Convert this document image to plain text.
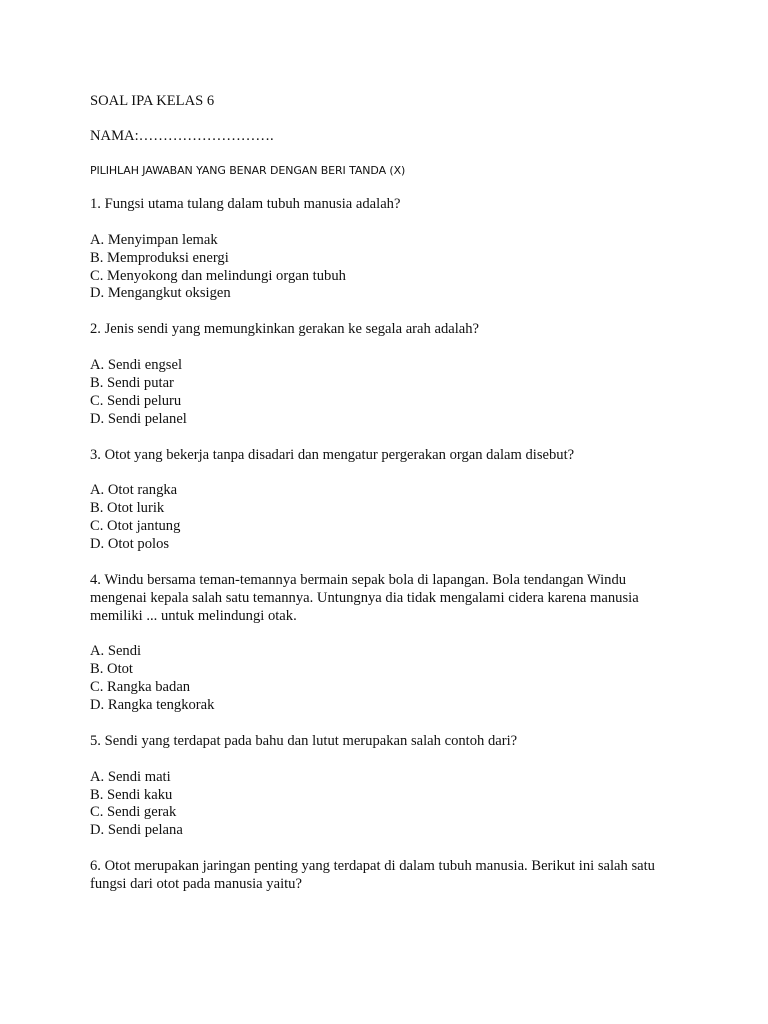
SOAL IPA KELAS 6
NAMA:……………………….
PILIHLAH JAWABAN YANG BENAR DENGAN BERI TANDA (X)
1. Fungsi utama tulang dalam tubuh manusia adalah?
A. Menyimpan lemak
B. Memproduksi energi
C. Menyokong dan melindungi organ tubuh
D. Mengangkut oksigen
2. Jenis sendi yang memungkinkan gerakan ke segala arah adalah?
A. Sendi engsel
B. Sendi putar
C. Sendi peluru
D. Sendi pelanel
3. Otot yang bekerja tanpa disadari dan mengatur pergerakan organ dalam disebut?
A. Otot rangka
B. Otot lurik
C. Otot jantung
D. Otot polos
4. Windu bersama teman-temannya bermain sepak bola di lapangan. Bola tendangan Windu
mengenai kepala salah satu temannya. Untungnya dia tidak mengalami cidera karena manusia
memiliki ... untuk melindungi otak.
A. Sendi
B. Otot
C. Rangka badan
D. Rangka tengkorak
5. Sendi yang terdapat pada bahu dan lutut merupakan salah contoh dari?
A. Sendi mati
B. Sendi kaku
C. Sendi gerak
D. Sendi pelana
6. Otot merupakan jaringan penting yang terdapat di dalam tubuh manusia. Berikut ini salah satu
fungsi dari otot pada manusia yaitu?
